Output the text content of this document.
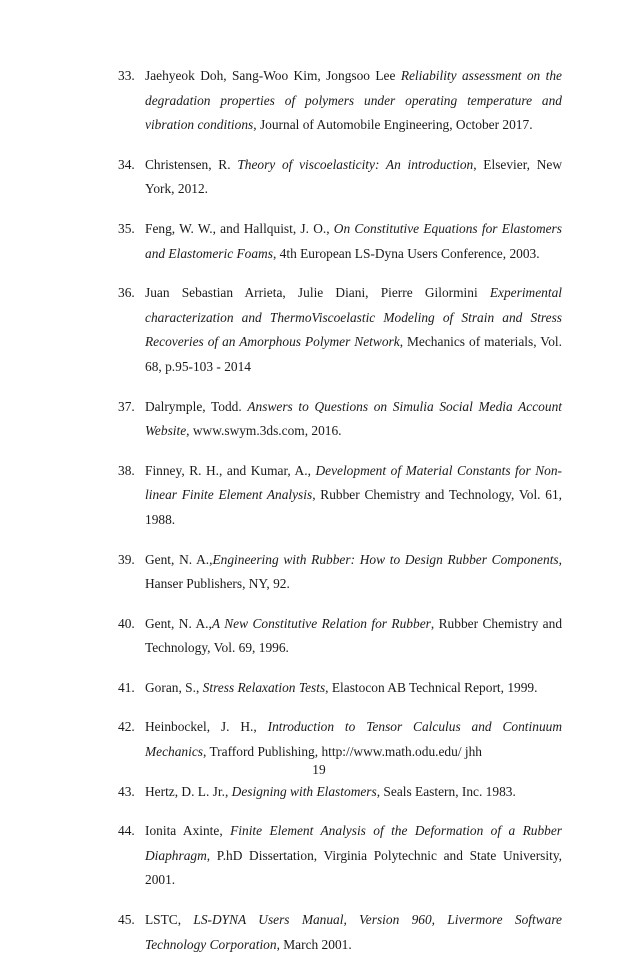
33. Jaehyeok Doh, Sang-Woo Kim, Jongsoo Lee Reliability assessment on the degradation properties of polymers under operating temperature and vibration conditions, Journal of Automobile Engineering, October 2017.
34. Christensen, R. Theory of viscoelasticity: An introduction, Elsevier, New York, 2012.
35. Feng, W. W., and Hallquist, J. O., On Constitutive Equations for Elastomers and Elastomeric Foams, 4th European LS-Dyna Users Conference, 2003.
36. Juan Sebastian Arrieta, Julie Diani, Pierre Gilormini Experimental characterization and ThermoViscoelastic Modeling of Strain and Stress Recoveries of an Amorphous Polymer Network, Mechanics of materials, Vol. 68, p.95-103 - 2014
37. Dalrymple, Todd. Answers to Questions on Simulia Social Media Account Website, www.swym.3ds.com, 2016.
38. Finney, R. H., and Kumar, A., Development of Material Constants for Non-linear Finite Element Analysis, Rubber Chemistry and Technology, Vol. 61, 1988.
39. Gent, N. A.,Engineering with Rubber: How to Design Rubber Components, Hanser Publishers, NY, 92.
40. Gent, N. A.,A New Constitutive Relation for Rubber, Rubber Chemistry and Technology, Vol. 69, 1996.
41. Goran, S., Stress Relaxation Tests, Elastocon AB Technical Report, 1999.
42. Heinbockel, J. H., Introduction to Tensor Calculus and Continuum Mechanics, Trafford Publishing, http://www.math.odu.edu/ jhh
43. Hertz, D. L. Jr., Designing with Elastomers, Seals Eastern, Inc. 1983.
44. Ionita Axinte, Finite Element Analysis of the Deformation of a Rubber Diaphragm, P.hD Dissertation, Virginia Polytechnic and State University, 2001.
45. LSTC, LS-DYNA Users Manual, Version 960, Livermore Software Technology Corporation, March 2001.
19
